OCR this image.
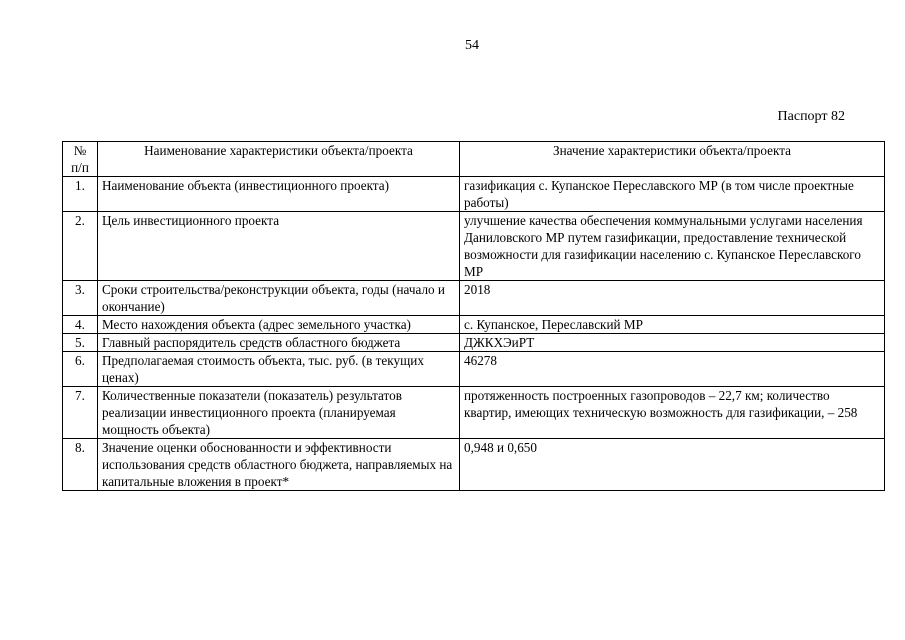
54
Паспорт 82
№ п/п	Наименование характеристики объекта/проекта	Значение характеристики объекта/проекта
1.	Наименование объекта (инвестиционного проекта)	газификация с. Купанское Переславского МР (в том числе проектные работы)
2.	Цель инвестиционного проекта	улучшение качества обеспечения коммунальными услугами населения Даниловского МР путем газификации, предоставление технической возможности для газификации населению с. Купанское Переславского МР
3.	Сроки строительства/реконструкции объекта, годы (начало и окончание)	2018
4.	Место нахождения объекта (адрес земельного участка)	с. Купанское, Переславский МР
5.	Главный распорядитель средств областного бюджета	ДЖКХЭиРТ
6.	Предполагаемая стоимость объекта, тыс. руб. (в текущих ценах)	46278
7.	Количественные показатели (показатель) результатов реализации инвестиционного проекта (планируемая мощность объекта)	протяженность построенных газопроводов – 22,7 км; количество квартир, имеющих техническую возможность для газификации, – 258
8.	Значение оценки обоснованности и эффективности использования средств областного бюджета, направляемых на капитальные вложения в проект*	0,948 и 0,650
